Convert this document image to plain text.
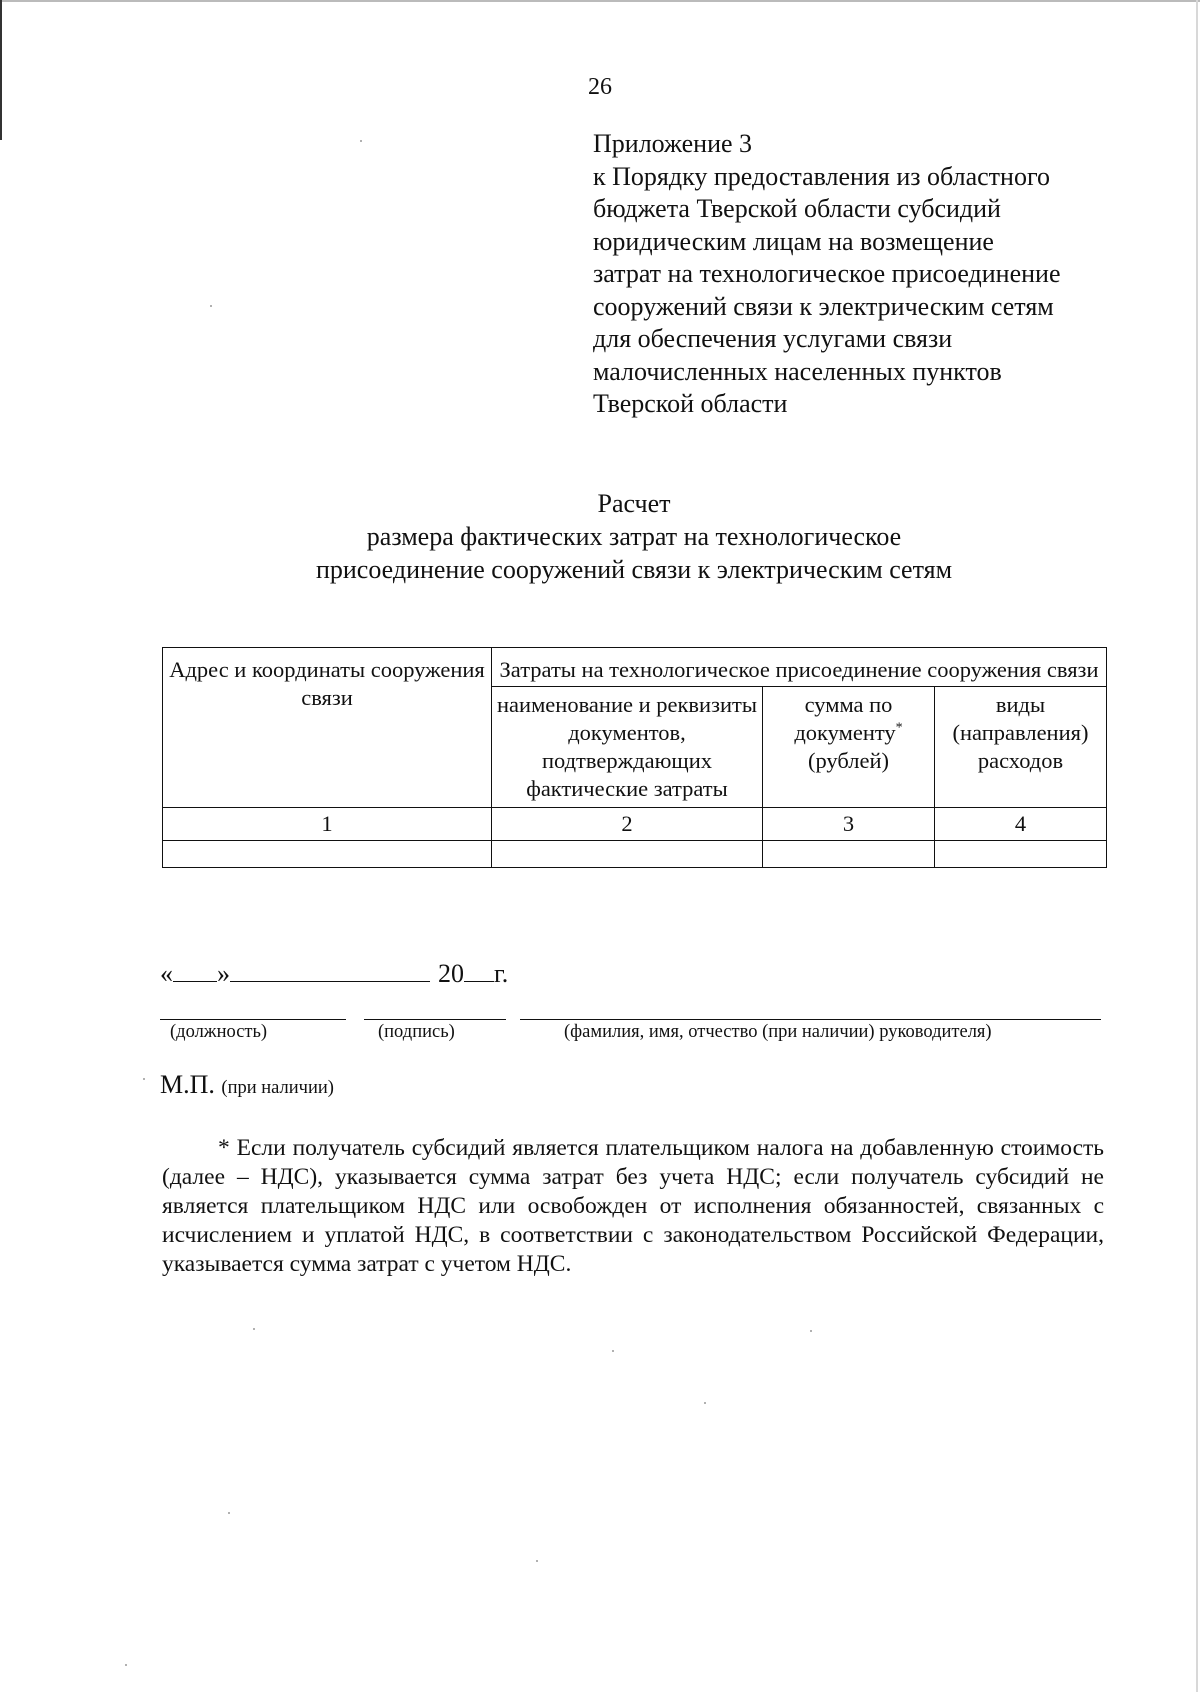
26
Приложение 3
к Порядку предоставления из областного
бюджета Тверской области субсидий
юридическим лицам на возмещение
затрат на технологическое присоединение
сооружений связи к электрическим сетям
для обеспечения услугами связи
малочисленных населенных пунктов
Тверской области
Расчет
размера фактических затрат на технологическое
присоединение сооружений связи к электрическим сетям
Адрес и координаты сооружения связи	Затраты на технологическое присоединение сооружения связи		
	наименование и реквизиты документов, подтверждающих фактические затраты	сумма по документу* (рублей)	виды (направления) расходов
1	2	3	4

« »	20 г.
(должность)	(подпись)	(фамилия, имя, отчество (при наличии) руководителя)
М.П. (при наличии)
* Если получатель субсидий является плательщиком налога на добавленную стоимость (далее – НДС), указывается сумма затрат без учета НДС; если получатель субсидий не является плательщиком НДС или освобожден от исполнения обязанностей, связанных с исчислением и уплатой НДС, в соответствии с законодательством Российской Федерации, указывается сумма затрат с учетом НДС.
